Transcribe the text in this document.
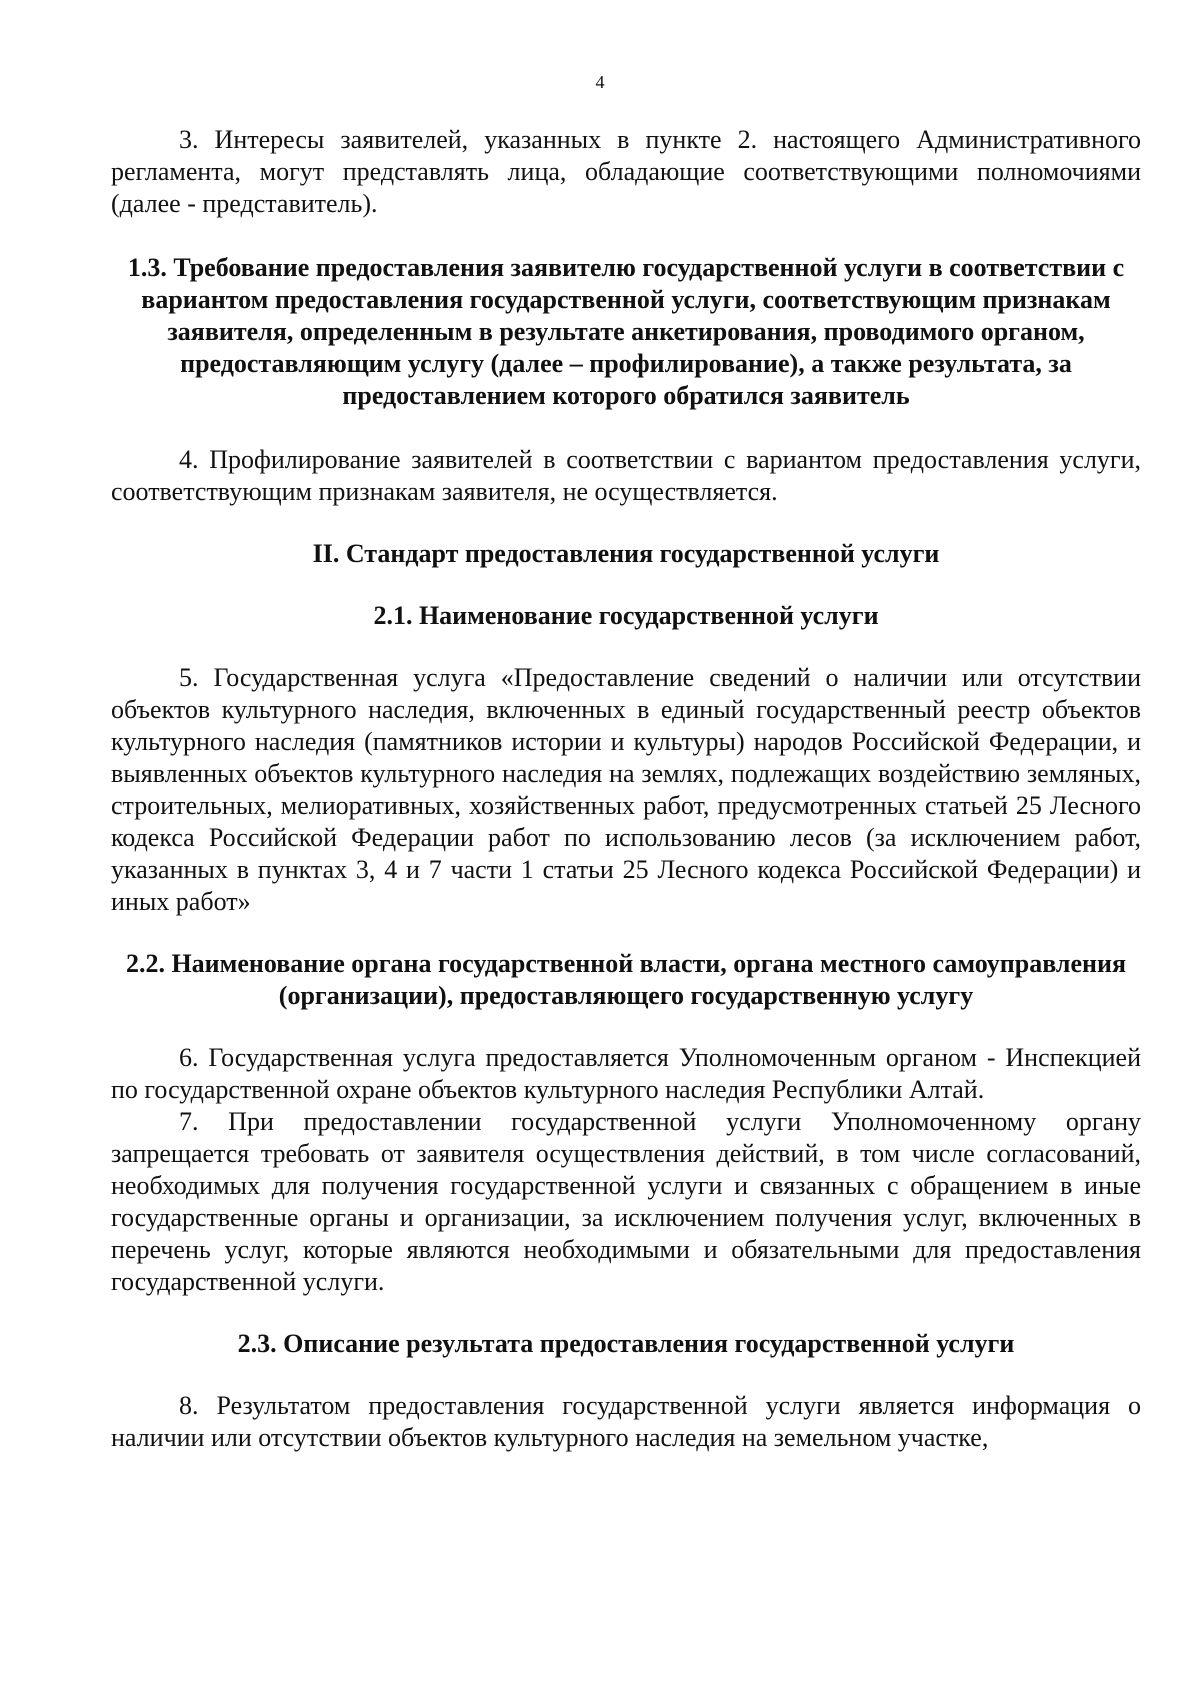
4

3. Интересы заявителей, указанных в пункте 2. настоящего Административного регламента, могут представлять лица, обладающие соответствующими полномочиями (далее - представитель).

1.3. Требование предоставления заявителю государственной услуги в соответствии с вариантом предоставления государственной услуги, соответствующим признакам заявителя, определенным в результате анкетирования, проводимого органом, предоставляющим услугу (далее – профилирование), а также результата, за предоставлением которого обратился заявитель

4. Профилирование заявителей в соответствии с вариантом предоставления услуги, соответствующим признакам заявителя, не осуществляется.

II. Стандарт предоставления государственной услуги

2.1. Наименование государственной услуги

5. Государственная услуга «Предоставление сведений о наличии или отсутствии объектов культурного наследия, включенных в единый государственный реестр объектов культурного наследия (памятников истории и культуры) народов Российской Федерации, и выявленных объектов культурного наследия на землях, подлежащих воздействию земляных, строительных, мелиоративных, хозяйственных работ, предусмотренных статьей 25 Лесного кодекса Российской Федерации работ по использованию лесов (за исключением работ, указанных в пунктах 3, 4 и 7 части 1 статьи 25 Лесного кодекса Российской Федерации) и иных работ»

2.2. Наименование органа государственной власти, органа местного самоуправления (организации), предоставляющего государственную услугу

6. Государственная услуга предоставляется Уполномоченным органом - Инспекцией по государственной охране объектов культурного наследия Республики Алтай.

7. При предоставлении государственной услуги Уполномоченному органу запрещается требовать от заявителя осуществления действий, в том числе согласований, необходимых для получения государственной услуги и связанных с обращением в иные государственные органы и организации, за исключением получения услуг, включенных в перечень услуг, которые являются необходимыми и обязательными для предоставления государственной услуги.

2.3. Описание результата предоставления государственной услуги

8. Результатом предоставления государственной услуги является информация о наличии или отсутствии объектов культурного наследия на земельном участке,
